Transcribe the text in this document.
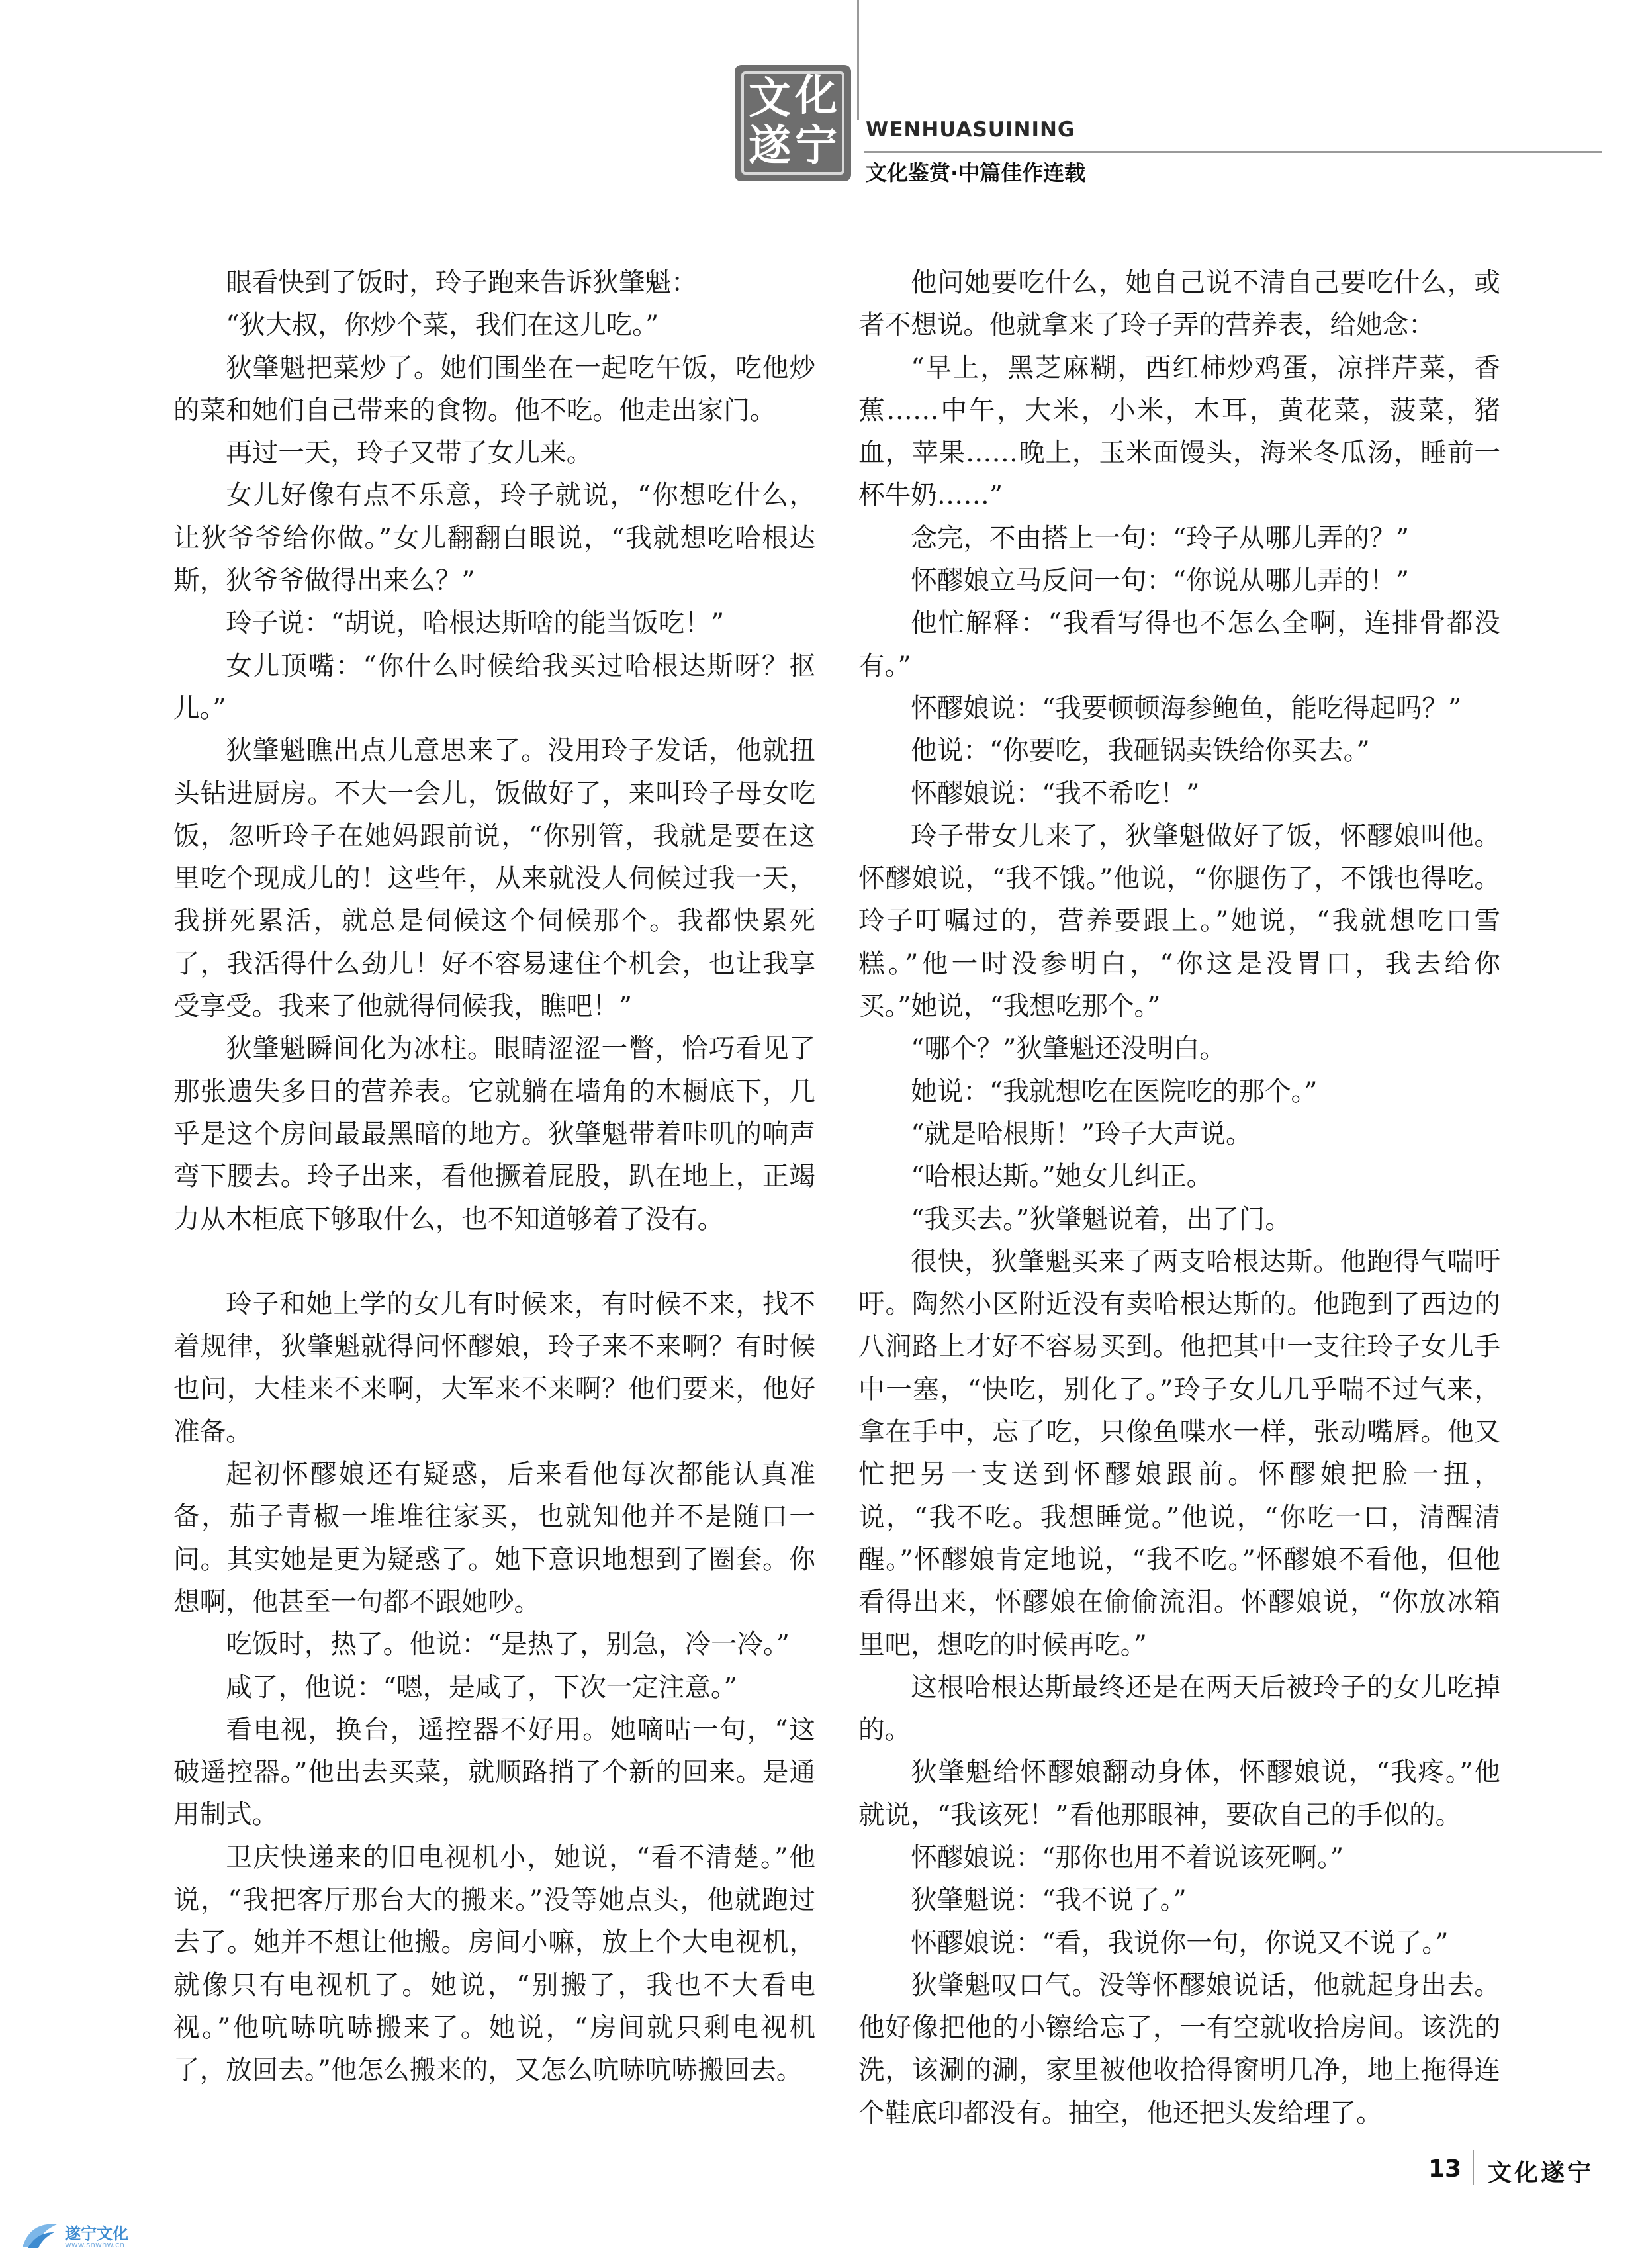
文 化
遂 宁 WENHUASUINING
文化鉴赏·中篇佳作连载

眼看快到了饭时，玲子跑来告诉狄肇魁：

“狄大叔，你炒个菜，我们在这儿吃。”

狄肇魁把菜炒了。她们围坐在一起吃午饭，吃他炒的菜和她们自己带来的食物。他不吃。他走出家门。

再过一天，玲子又带了女儿来。

女儿好像有点不乐意，玲子就说，“你想吃什么，让狄爷爷给你做。”女儿翻翻白眼说，“我就想吃哈根达斯，狄爷爷做得出来么？”

玲子说：“胡说，哈根达斯啥的能当饭吃！”

女儿顶嘴：“你什么时候给我买过哈根达斯呀？抠儿。”

狄肇魁瞧出点儿意思来了。没用玲子发话，他就扭头钻进厨房。不大一会儿，饭做好了，来叫玲子母女吃饭，忽听玲子在她妈跟前说，“你别管，我就是要在这里吃个现成儿的！这些年，从来就没人伺候过我一天，我拼死累活，就总是伺候这个伺候那个。我都快累死了，我活得什么劲儿！好不容易逮住个机会，也让我享受享受。我来了他就得伺候我，瞧吧！”

狄肇魁瞬间化为冰柱。眼睛涩涩一瞥，恰巧看见了那张遗失多日的营养表。它就躺在墙角的木橱底下，几乎是这个房间最最黑暗的地方。狄肇魁带着咔叽的响声弯下腰去。玲子出来，看他撅着屁股，趴在地上，正竭力从木柜底下够取什么，也不知道够着了没有。

玲子和她上学的女儿有时候来，有时候不来，找不着规律，狄肇魁就得问怀醪娘，玲子来不来啊？有时候也问，大桂来不来啊，大军来不来啊？他们要来，他好准备。

起初怀醪娘还有疑惑，后来看他每次都能认真准备，茄子青椒一堆堆往家买，也就知他并不是随口一问。其实她是更为疑惑了。她下意识地想到了圈套。你想啊，他甚至一句都不跟她吵。

吃饭时，热了。他说：“是热了，别急，冷一冷。”

咸了，他说：“嗯，是咸了，下次一定注意。”

看电视，换台，遥控器不好用。她嘀咕一句，“这破遥控器。”他出去买菜，就顺路捎了个新的回来。是通用制式。

卫庆快递来的旧电视机小，她说，“看不清楚。”他说，“我把客厅那台大的搬来。”没等她点头，他就跑过去了。她并不想让他搬。房间小嘛，放上个大电视机，就像只有电视机了。她说，“别搬了，我也不大看电视。”他吭哧吭哧搬来了。她说，“房间就只剩电视机了，放回去。”他怎么搬来的，又怎么吭哧吭哧搬回去。

他问她要吃什么，她自己说不清自己要吃什么，或者不想说。他就拿来了玲子弄的营养表，给她念：

“早上，黑芝麻糊，西红柿炒鸡蛋，凉拌芹菜，香蕉……中午，大米，小米，木耳，黄花菜，菠菜，猪血，苹果……晚上，玉米面馒头，海米冬瓜汤，睡前一杯牛奶……”

念完，不由搭上一句：“玲子从哪儿弄的？”

怀醪娘立马反问一句：“你说从哪儿弄的！”

他忙解释：“我看写得也不怎么全啊，连排骨都没有。”

怀醪娘说：“我要顿顿海参鲍鱼，能吃得起吗？”

他说：“你要吃，我砸锅卖铁给你买去。”

怀醪娘说：“我不希吃！”

玲子带女儿来了，狄肇魁做好了饭，怀醪娘叫他。怀醪娘说，“我不饿。”他说，“你腿伤了，不饿也得吃。玲子叮嘱过的，营养要跟上。”她说，“我就想吃口雪糕。”他一时没参明白，“你这是没胃口，我去给你买。”她说，“我想吃那个。”

“哪个？”狄肇魁还没明白。

她说：“我就想吃在医院吃的那个。”

“就是哈根斯！”玲子大声说。

“哈根达斯。”她女儿纠正。

“我买去。”狄肇魁说着，出了门。

很快，狄肇魁买来了两支哈根达斯。他跑得气喘吁吁。陶然小区附近没有卖哈根达斯的。他跑到了西边的八涧路上才好不容易买到。他把其中一支往玲子女儿手中一塞，“快吃，别化了。”玲子女儿几乎喘不过气来，拿在手中，忘了吃，只像鱼喋水一样，张动嘴唇。他又忙把另一支送到怀醪娘跟前。怀醪娘把脸一扭，说，“我不吃。我想睡觉。”他说，“你吃一口，清醒清醒。”怀醪娘肯定地说，“我不吃。”怀醪娘不看他，但他看得出来，怀醪娘在偷偷流泪。怀醪娘说，“你放冰箱里吧，想吃的时候再吃。”

这根哈根达斯最终还是在两天后被玲子的女儿吃掉的。

狄肇魁给怀醪娘翻动身体，怀醪娘说，“我疼。”他就说，“我该死！”看他那眼神，要砍自己的手似的。

怀醪娘说：“那你也用不着说该死啊。”

狄肇魁说：“我不说了。”

怀醪娘说：“看，我说你一句，你说又不说了。”

狄肇魁叹口气。没等怀醪娘说话，他就起身出去。他好像把他的小镲给忘了，一有空就收拾房间。该洗的洗，该涮的涮，家里被他收拾得窗明几净，地上拖得连个鞋底印都没有。抽空，他还把头发给理了。

13 文化遂宁
遂宁文化
www.snwhw.cn
